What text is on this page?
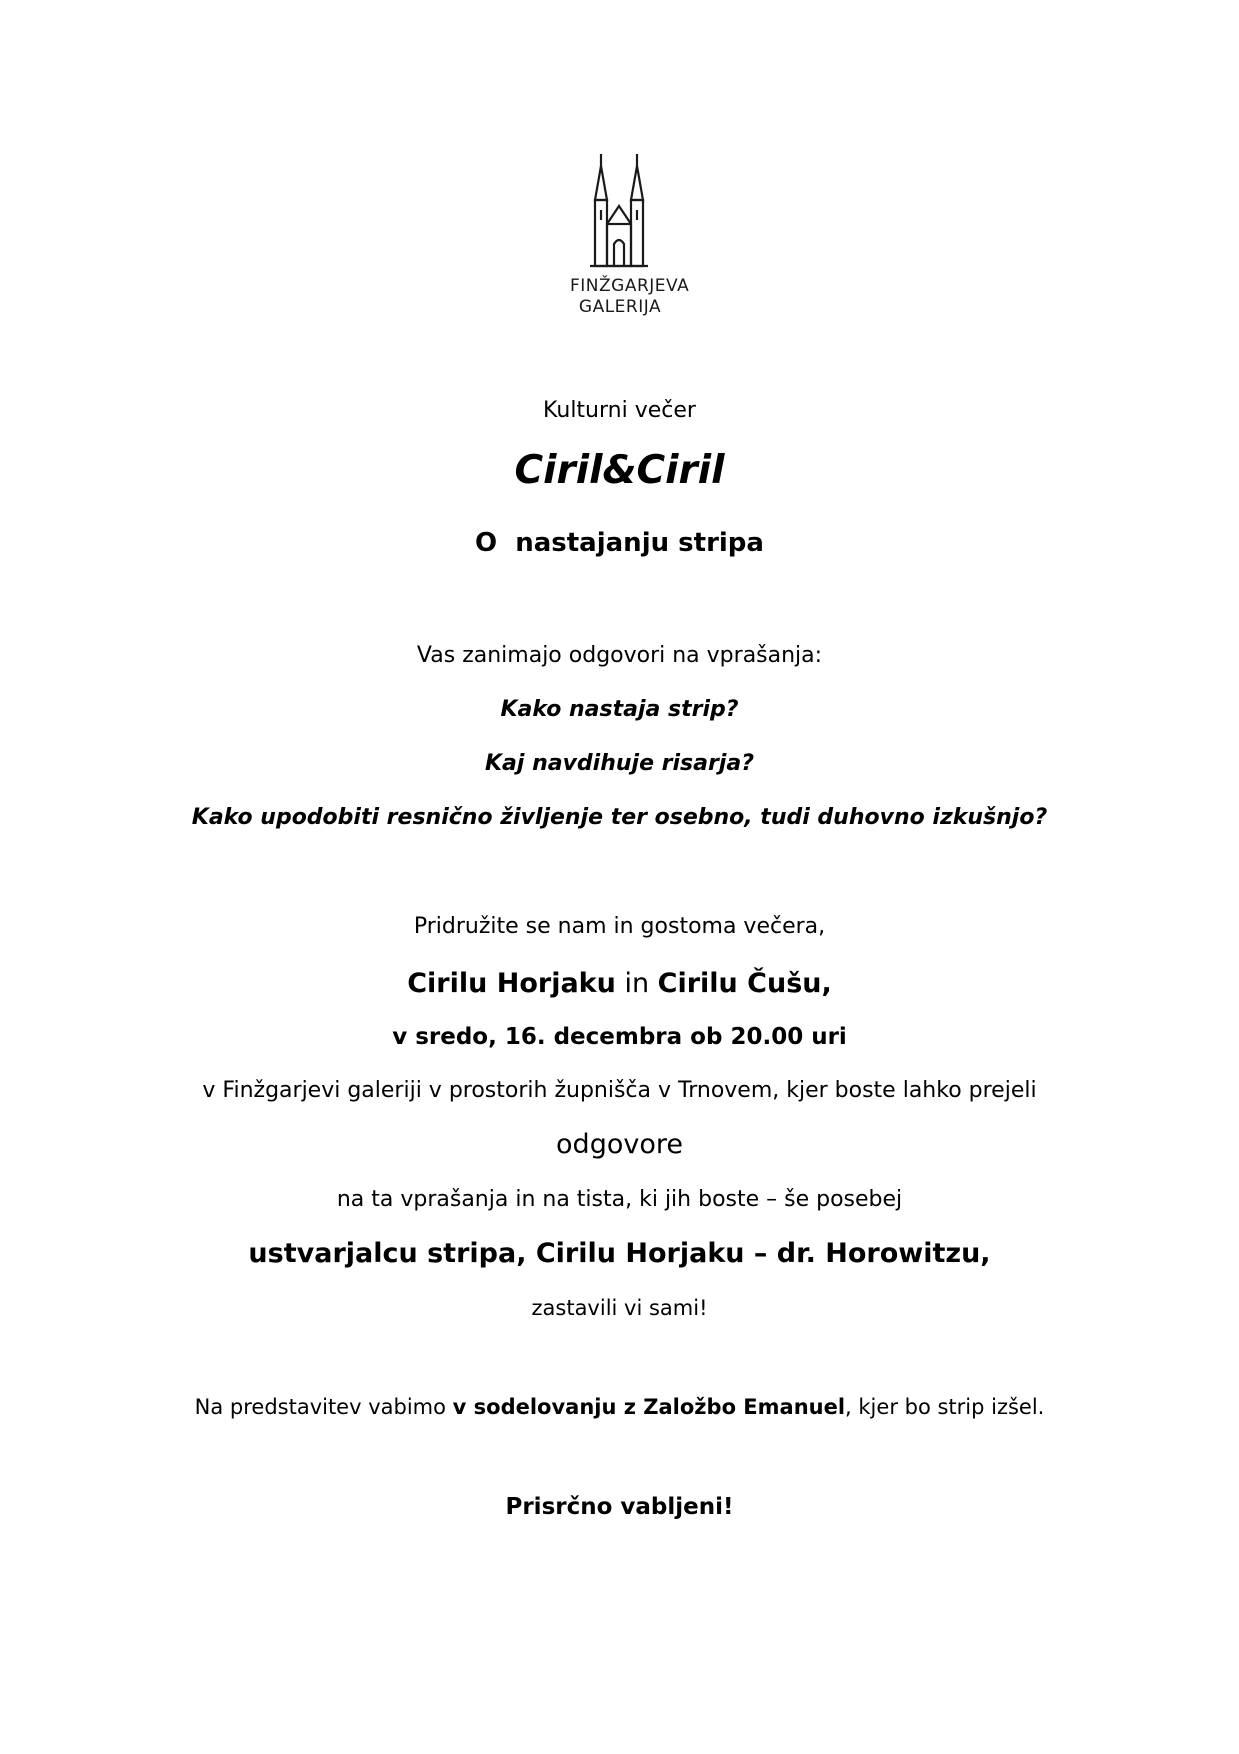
FINŽGARJEVA
GALERIJA
Kulturni večer
Ciril&Ciril
O  nastajanju stripa
Vas zanimajo odgovori na vprašanja:
Kako nastaja strip?
Kaj navdihuje risarja?
Kako upodobiti resnično življenje ter osebno, tudi duhovno izkušnjo?
Pridružite se nam in gostoma večera,
Cirilu Horjaku in Cirilu Čušu,
v sredo, 16. decembra ob 20.00 uri
v Finžgarjevi galeriji v prostorih župnišča v Trnovem, kjer boste lahko prejeli
odgovore
na ta vprašanja in na tista, ki jih boste – še posebej
ustvarjalcu stripa, Cirilu Horjaku – dr. Horowitzu,
zastavili vi sami!
Na predstavitev vabimo v sodelovanju z Založbo Emanuel, kjer bo strip izšel.
Prisrčno vabljeni!
